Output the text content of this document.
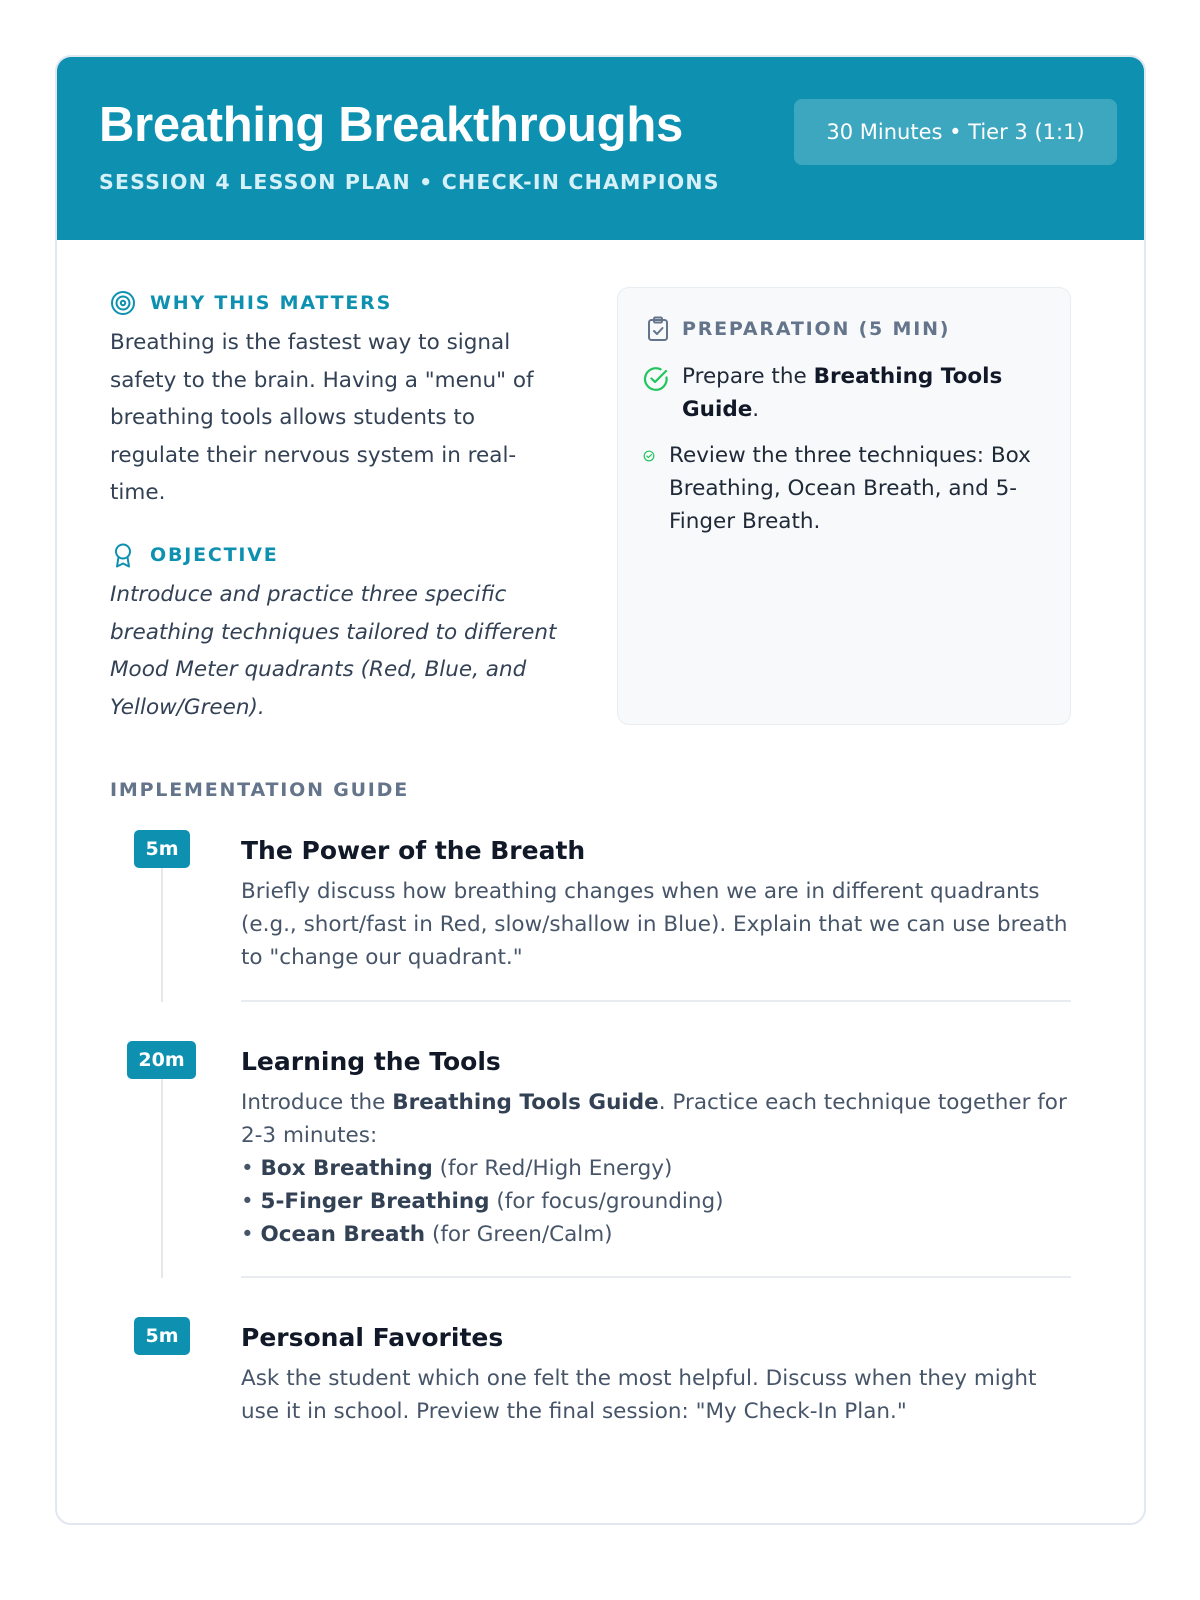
Breathing Breakthroughs
SESSION 4 LESSON PLAN • CHECK-IN CHAMPIONS
30 Minutes • Tier 3 (1:1)
WHY THIS MATTERS
Breathing is the fastest way to signal safety to the brain. Having a "menu" of breathing tools allows students to regulate their nervous system in real-time.
OBJECTIVE
Introduce and practice three specific breathing techniques tailored to different Mood Meter quadrants (Red, Blue, and Yellow/Green).
PREPARATION (5 MIN)
Prepare the Breathing Tools Guide.
Review the three techniques: Box Breathing, Ocean Breath, and 5-Finger Breath.
IMPLEMENTATION GUIDE
5m	The Power of the Breath
Briefly discuss how breathing changes when we are in different quadrants (e.g., short/fast in Red, slow/shallow in Blue). Explain that we can use breath to "change our quadrant."
20m	Learning the Tools
Introduce the Breathing Tools Guide. Practice each technique together for 2-3 minutes:
• Box Breathing (for Red/High Energy)
• 5-Finger Breathing (for focus/grounding)
• Ocean Breath (for Green/Calm)
5m	Personal Favorites
Ask the student which one felt the most helpful. Discuss when they might use it in school. Preview the final session: "My Check-In Plan."
